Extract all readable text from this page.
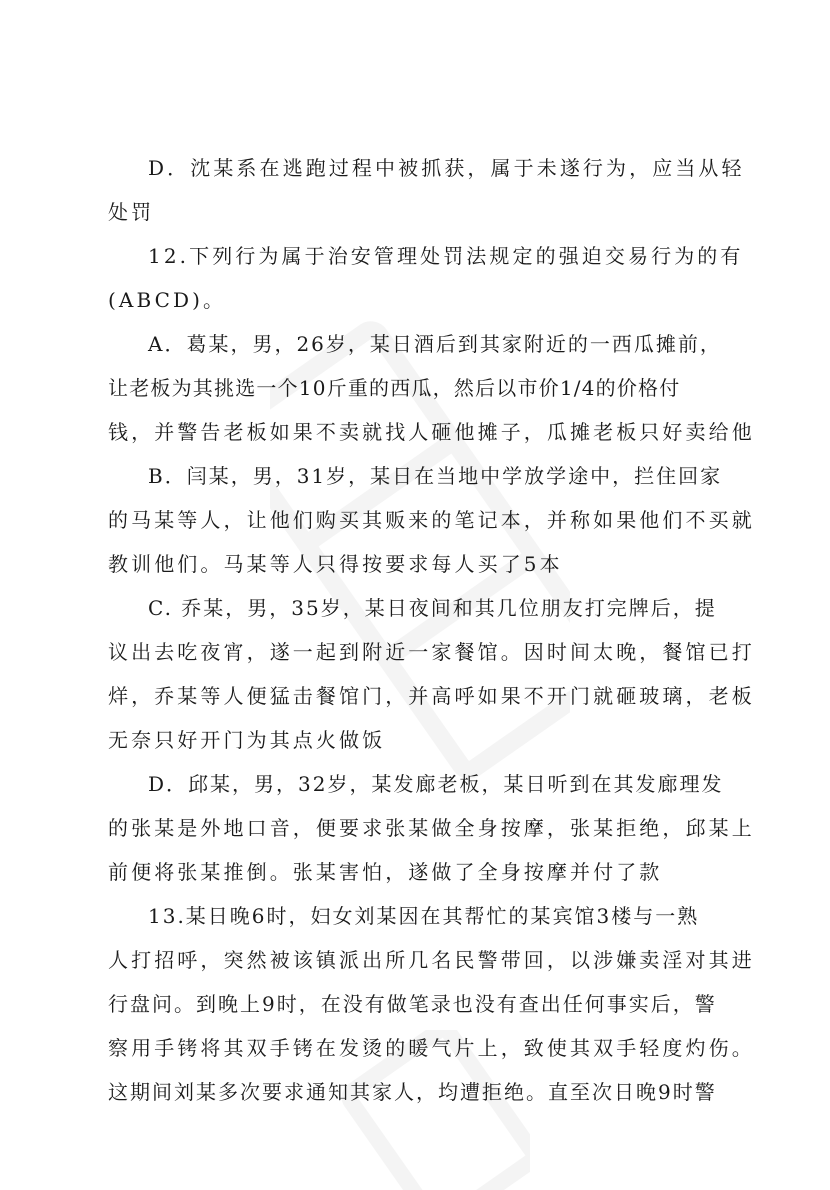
D．沈某系在逃跑过程中被抓获，属于未遂行为，应当从轻
处罚
12.下列行为属于治安管理处罚法规定的强迫交易行为的有
(ABCD)。
A．葛某，男，26岁，某日酒后到其家附近的一西瓜摊前，
让老板为其挑选一个10斤重的西瓜，然后以市价1/4的价格付
钱，并警告老板如果不卖就找人砸他摊子，瓜摊老板只好卖给他
B．闫某，男，31岁，某日在当地中学放学途中，拦住回家
的马某等人，让他们购买其贩来的笔记本，并称如果他们不买就
教训他们。马某等人只得按要求每人买了5本
C. 乔某，男，35岁，某日夜间和其几位朋友打完牌后，提
议出去吃夜宵，遂一起到附近一家餐馆。因时间太晚，餐馆已打
烊，乔某等人便猛击餐馆门，并高呼如果不开门就砸玻璃，老板
无奈只好开门为其点火做饭
D．邱某，男，32岁，某发廊老板，某日听到在其发廊理发
的张某是外地口音，便要求张某做全身按摩，张某拒绝，邱某上
前便将张某推倒。张某害怕，遂做了全身按摩并付了款
13.某日晚6时，妇女刘某因在其帮忙的某宾馆3楼与一熟
人打招呼，突然被该镇派出所几名民警带回，以涉嫌卖淫对其进
行盘问。到晚上9时，在没有做笔录也没有查出任何事实后，警
察用手铐将其双手铐在发烫的暖气片上，致使其双手轻度灼伤。
这期间刘某多次要求通知其家人，均遭拒绝。直至次日晚9时警
